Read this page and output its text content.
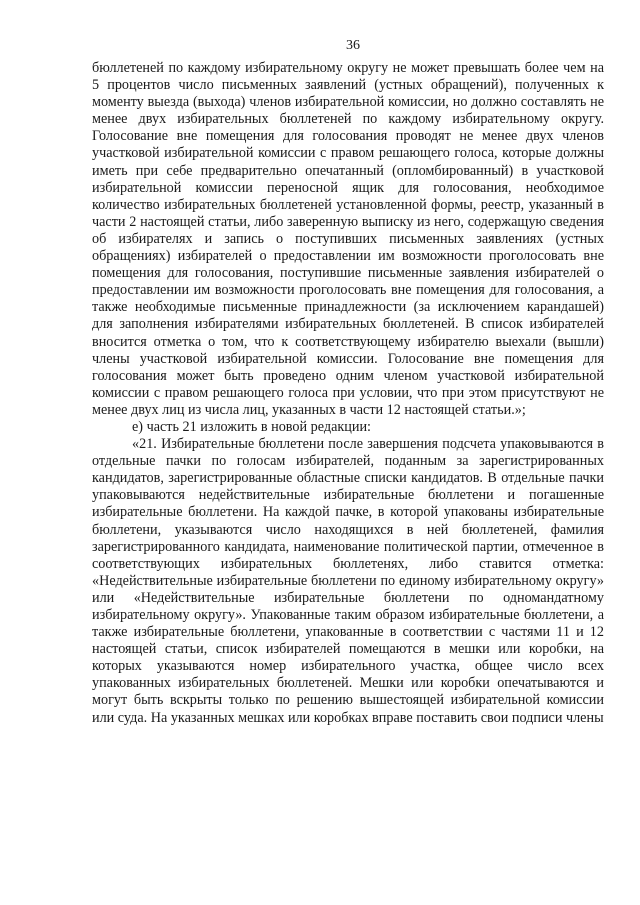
36

бюллетеней по каждому избирательному округу не может превышать более чем на 5 процентов число письменных заявлений (устных обращений), полученных к моменту выезда (выхода) членов избирательной комиссии, но должно составлять не менее двух избирательных бюллетеней по каждому избирательному округу. Голосование вне помещения для голосования проводят не менее двух членов участковой избирательной комиссии с правом решающего голоса, которые должны иметь при себе предварительно опечатанный (опломбированный) в участковой избирательной комиссии переносной ящик для голосования, необходимое количество избирательных бюллетеней установленной формы, реестр, указанный в части 2 настоящей статьи, либо заверенную выписку из него, содержащую сведения об избирателях и запись о поступивших письменных заявлениях (устных обращениях) избирателей о предоставлении им возможности проголосовать вне помещения для голосования, поступившие письменные заявления избирателей о предоставлении им возможности проголосовать вне помещения для голосования, а также необходимые письменные принадлежности (за исключением карандашей) для заполнения избирателями избирательных бюллетеней. В список избирателей вносится отметка о том, что к соответствующему избирателю выехали (вышли) члены участковой избирательной комиссии. Голосование вне помещения для голосования может быть проведено одним членом участковой избирательной комиссии с правом решающего голоса при условии, что при этом присутствуют не менее двух лиц из числа лиц, указанных в части 12 настоящей статьи.»;

е) часть 21 изложить в новой редакции:

«21. Избирательные бюллетени после завершения подсчета упаковываются в отдельные пачки по голосам избирателей, поданным за зарегистрированных кандидатов, зарегистрированные областные списки кандидатов. В отдельные пачки упаковываются недействительные избирательные бюллетени и погашенные избирательные бюллетени. На каждой пачке, в которой упакованы избирательные бюллетени, указываются число находящихся в ней бюллетеней, фамилия зарегистрированного кандидата, наименование политической партии, отмеченное в соответствующих избирательных бюллетенях, либо ставится отметка: «Недействительные избирательные бюллетени по единому избирательному округу» или «Недействительные избирательные бюллетени по одномандатному избирательному округу». Упакованные таким образом избирательные бюллетени, а также избирательные бюллетени, упакованные в соответствии с частями 11 и 12 настоящей статьи, список избирателей помещаются в мешки или коробки, на которых указываются номер избирательного участка, общее число всех упакованных избирательных бюллетеней. Мешки или коробки опечатываются и могут быть вскрыты только по решению вышестоящей избирательной комиссии или суда. На указанных мешках или коробках вправе поставить свои подписи члены
